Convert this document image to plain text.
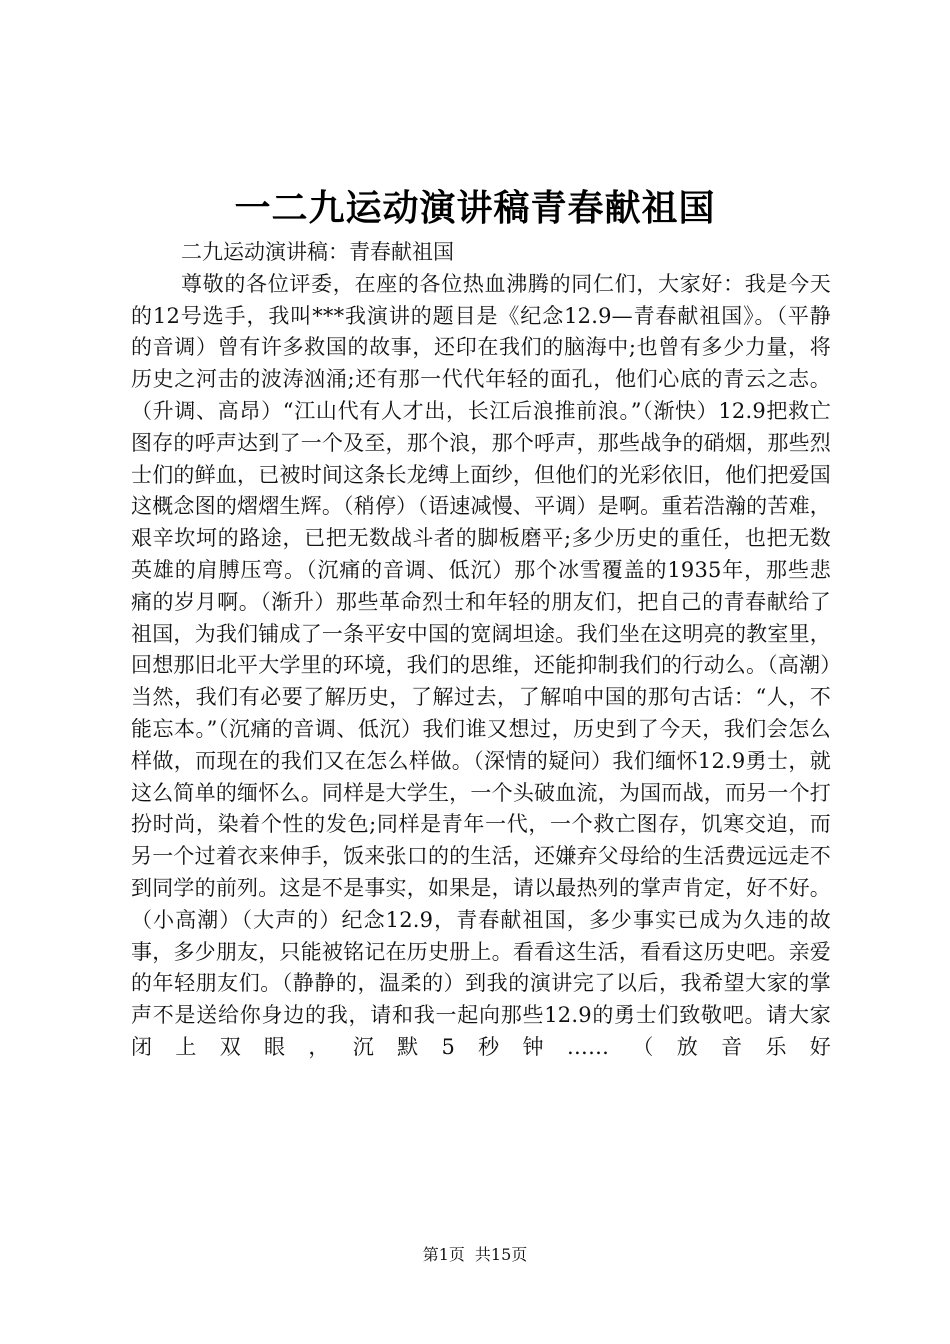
一二九运动演讲稿青春献祖国

二九运动演讲稿：青春献祖国

尊敬的各位评委，在座的各位热血沸腾的同仁们，大家好：我是今天的12号选手，我叫***我演讲的题目是《纪念12.9—青春献祖国》。（平静的音调）曾有许多救国的故事，还印在我们的脑海中;也曾有多少力量，将历史之河击的波涛汹涌;还有那一代代年轻的面孔，他们心底的青云之志。（升调、高昂）“江山代有人才出，长江后浪推前浪。”（渐快）12.9把救亡图存的呼声达到了一个及至，那个浪，那个呼声，那些战争的硝烟，那些烈士们的鲜血，已被时间这条长龙缚上面纱，但他们的光彩依旧，他们把爱国这概念图的熠熠生辉。（稍停）（语速减慢、平调）是啊。重若浩瀚的苦难，艰辛坎坷的路途，已把无数战斗者的脚板磨平;多少历史的重任，也把无数英雄的肩膊压弯。（沉痛的音调、低沉）那个冰雪覆盖的1935年，那些悲痛的岁月啊。（渐升）那些革命烈士和年轻的朋友们，把自己的青春献给了祖国，为我们铺成了一条平安中国的宽阔坦途。我们坐在这明亮的教室里，回想那旧北平大学里的环境，我们的思维，还能抑制我们的行动么。（高潮）当然，我们有必要了解历史，了解过去，了解咱中国的那句古话：“人，不能忘本。”（沉痛的音调、低沉）我们谁又想过，历史到了今天，我们会怎么样做，而现在的我们又在怎么样做。（深情的疑问）我们缅怀12.9勇士，就这么简单的缅怀么。同样是大学生，一个头破血流，为国而战，而另一个打扮时尚，染着个性的发色;同样是青年一代，一个救亡图存，饥寒交迫，而另一个过着衣来伸手，饭来张口的的生活，还嫌弃父母给的生活费远远走不到同学的前列。这是不是事实，如果是，请以最热列的掌声肯定，好不好。（小高潮）（大声的）纪念12.9，青春献祖国，多少事实已成为久违的故事，多少朋友，只能被铭记在历史册上。看看这生活，看看这历史吧。亲爱的年轻朋友们。（静静的，温柔的）到我的演讲完了以后，我希望大家的掌声不是送给你身边的我，请和我一起向那些12.9的勇士们致敬吧。请大家闭上双眼，沉默5秒钟……（放音乐好

第1页 共15页
